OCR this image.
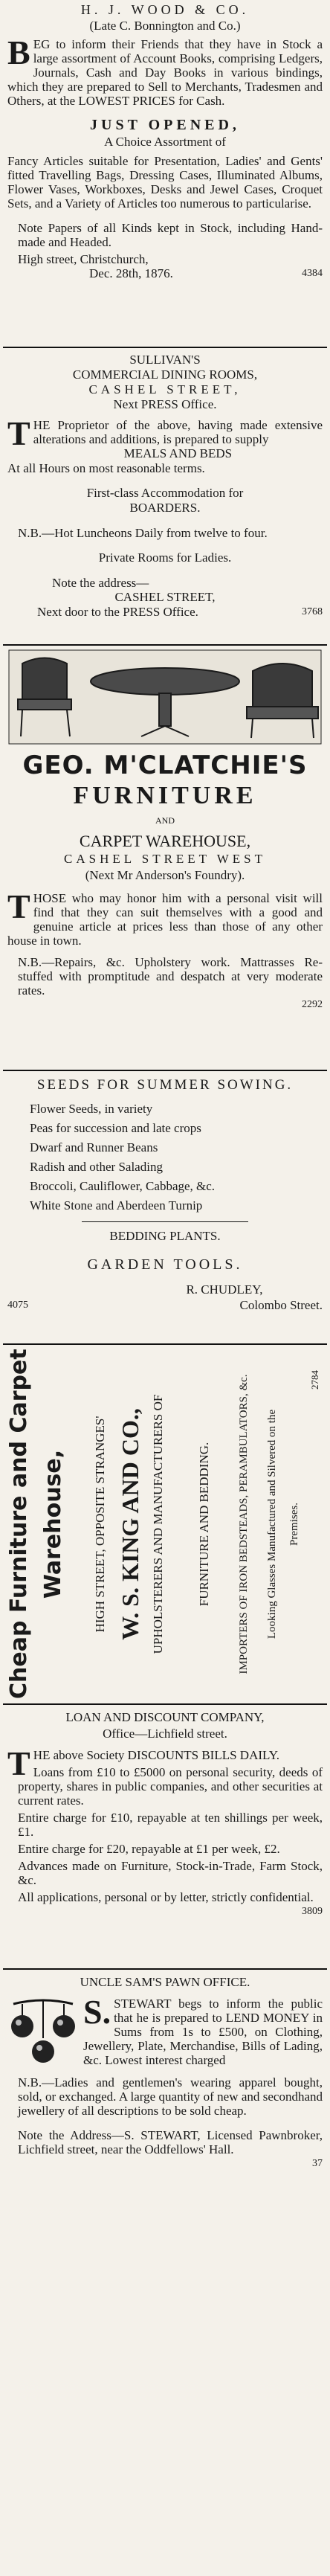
H. J. WOOD & CO.
(Late C. Bonnington and Co.)

BEG to inform their Friends that they have in Stock a large assortment of Account Books, comprising Ledgers, Journals, Cash and Day Books in various bindings, which they are prepared to Sell to Merchants, Tradesmen and Others, at the LOWEST PRICES for Cash.

JUST OPENED,
A Choice Assortment of

Fancy Articles suitable for Presentation, Ladies' and Gents' fitted Travelling Bags, Dressing Cases, Illuminated Albums, Flower Vases, Workboxes, Desks and Jewel Cases, Croquet Sets, and a Variety of Articles too numerous to particularise.

Note Papers of all Kinds kept in Stock, including Hand-made and Headed.

High street, Christchurch,

Dec. 28th, 1876.	4384
SULLIVAN'S
COMMERCIAL DINING ROOMS,
CASHEL STREET,
Next PRESS Office.

THE Proprietor of the above, having made extensive alterations and additions, is prepared to supply

MEALS AND BEDS

At all Hours on most reasonable terms.

First-class Accommodation for
BOARDERS.

N.B.—Hot Luncheons Daily from twelve to four.

Private Rooms for Ladies.

Note the address—

CASHEL STREET,
Next door to the PRESS Office.	3768
GEO. M'CLATCHIE'S
FURNITURE
AND
CARPET WAREHOUSE,
CASHEL STREET WEST
(Next Mr Anderson's Foundry).

THOSE who may honor him with a personal visit will find that they can suit themselves with a good and genuine article at prices less than those of any other house in town.

N.B.—Repairs, &c. Upholstery work. Mattrasses Re-stuffed with promptitude and despatch at very moderate rates.

2292
SEEDS FOR SUMMER SOWING.
Flower Seeds, in variety
Peas for succession and late crops
Dwarf and Runner Beans
Radish and other Salading
Broccoli, Cauliflower, Cabbage, &c.
White Stone and Aberdeen Turnip
BEDDING PLANTS.
GARDEN TOOLS.
R. CHUDLEY,
4075	Colombo Street.
Cheap Furniture and Carpet Warehouse, HIGH STREET, OPPOSITE STRANGES' W. S. KING AND CO., UPHOLSTERERS AND MANUFACTURERS OF	FURNITURE AND BEDDING. IMPORTERS OF IRON BEDSTEADS, PERAMBULATORS, &c. Looking Glasses Manufactured and Silvered on the Premises.
2784
LOAN AND DISCOUNT COMPANY,
Office—Lichfield street.

THE above Society DISCOUNTS BILLS DAILY.

Loans from £10 to £5000 on personal security, deeds of property, shares in public companies, and other securities at current rates.

Entire charge for £10, repayable at ten shillings per week, £1.

Entire charge for £20, repayable at £1 per week, £2.

Advances made on Furniture, Stock-in-Trade, Farm Stock, &c.

All applications, personal or by letter, strictly confidential.

3809
UNCLE SAM'S PAWN OFFICE.

S. STEWART begs to inform the public that he is prepared to LEND MONEY in Sums from 1s to £500, on Clothing, Jewellery, Plate, Merchandise, Bills of Lading, &c. Lowest interest charged

N.B.—Ladies and gentlemen's wearing apparel bought, sold, or exchanged. A large quantity of new and secondhand jewellery of all descriptions to be sold cheap.

Note the Address—S. STEWART, Licensed Pawnbroker, Lichfield street, near the Oddfellows' Hall.

37
